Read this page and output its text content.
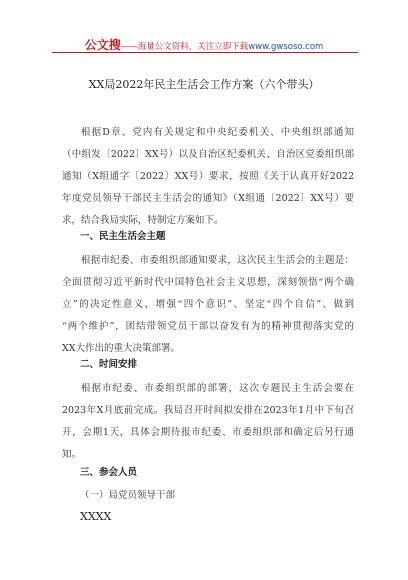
公文搜——海量公文资料，关注立即下载www.gwsoso.com
XX局2022年民主生活会工作方案（六个带头）
根据D章、党内有关规定和中央纪委机关、中央组织部通知
（中组发〔2022〕XX号）以及自治区纪委机关、自治区党委组织部
通知（X组通字〔2022〕XX号）要求，按照《关于认真开好2022
年度党员领导干部民主生活会的通知》（X组通〔2022〕XX号）要
求，结合我局实际，特制定方案如下。
一、民主生活会主题
根据市纪委、市委组织部通知要求，这次民主生活会的主题是：
全面贯彻习近平新时代中国特色社会主义思想，深刻领悟“两个确
立”的决定性意义，增强“四个意识”、坚定“四个自信”、做到
“两个维护”，团结带领党员干部以奋发有为的精神贯彻落实党的
XX大作出的重大决策部署。
二、时间安排
根据市纪委、市委组织部的部署，这次专题民主生活会要在
2023年X月底前完成。我局召开时间拟安排在2023年1月中下旬召
开，会期1天，具体会期待报市纪委、市委组织部和确定后另行通
知。
三、参会人员
（一）局党员领导干部
XXXX
